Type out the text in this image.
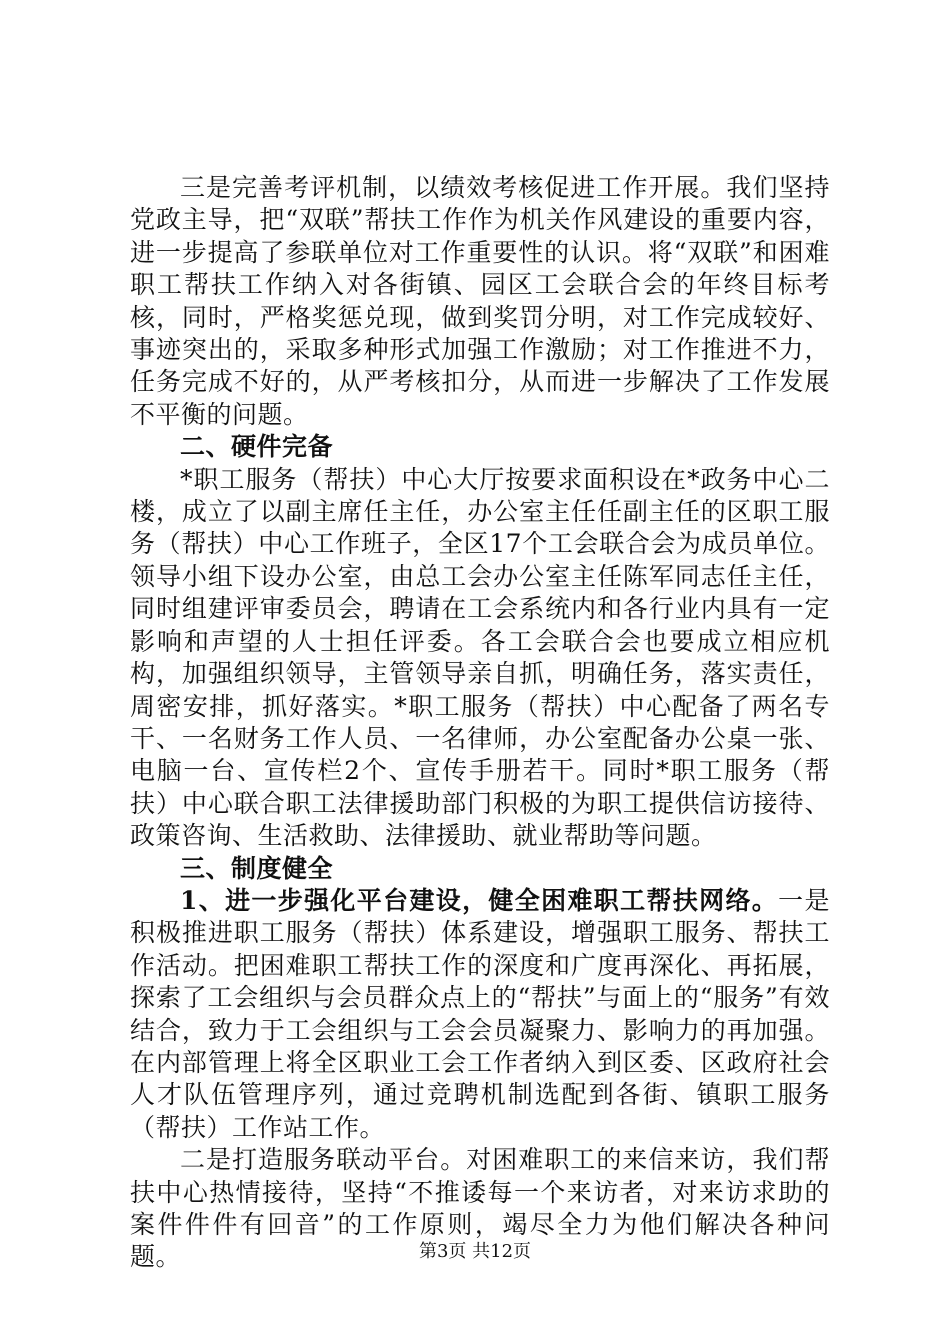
三是完善考评机制，以绩效考核促进工作开展。我们坚持党政主导，把“双联”帮扶工作作为机关作风建设的重要内容，进一步提高了参联单位对工作重要性的认识。将“双联”和困难职工帮扶工作纳入对各街镇、园区工会联合会的年终目标考核，同时，严格奖惩兑现，做到奖罚分明，对工作完成较好、事迹突出的，采取多种形式加强工作激励；对工作推进不力，任务完成不好的，从严考核扣分，从而进一步解决了工作发展不平衡的问题。

二、硬件完备

*职工服务（帮扶）中心大厅按要求面积设在*政务中心二楼，成立了以副主席任主任，办公室主任任副主任的区职工服务（帮扶）中心工作班子，全区17个工会联合会为成员单位。领导小组下设办公室，由总工会办公室主任陈军同志任主任，同时组建评审委员会，聘请在工会系统内和各行业内具有一定影响和声望的人士担任评委。各工会联合会也要成立相应机构，加强组织领导，主管领导亲自抓，明确任务，落实责任，周密安排，抓好落实。*职工服务（帮扶）中心配备了两名专干、一名财务工作人员、一名律师，办公室配备办公桌一张、电脑一台、宣传栏2个、宣传手册若干。同时*职工服务（帮扶）中心联合职工法律援助部门积极的为职工提供信访接待、政策咨询、生活救助、法律援助、就业帮助等问题。

三、制度健全

1、进一步强化平台建设，健全困难职工帮扶网络。一是积极推进职工服务（帮扶）体系建设，增强职工服务、帮扶工作活动。把困难职工帮扶工作的深度和广度再深化、再拓展，探索了工会组织与会员群众点上的“帮扶”与面上的“服务”有效结合，致力于工会组织与工会会员凝聚力、影响力的再加强。在内部管理上将全区职业工会工作者纳入到区委、区政府社会人才队伍管理序列，通过竞聘机制选配到各街、镇职工服务（帮扶）工作站工作。

二是打造服务联动平台。对困难职工的来信来访，我们帮扶中心热情接待，坚持“不推诿每一个来访者，对来访求助的案件件件有回音”的工作原则，竭尽全力为他们解决各种问题。	第3页 共12页
